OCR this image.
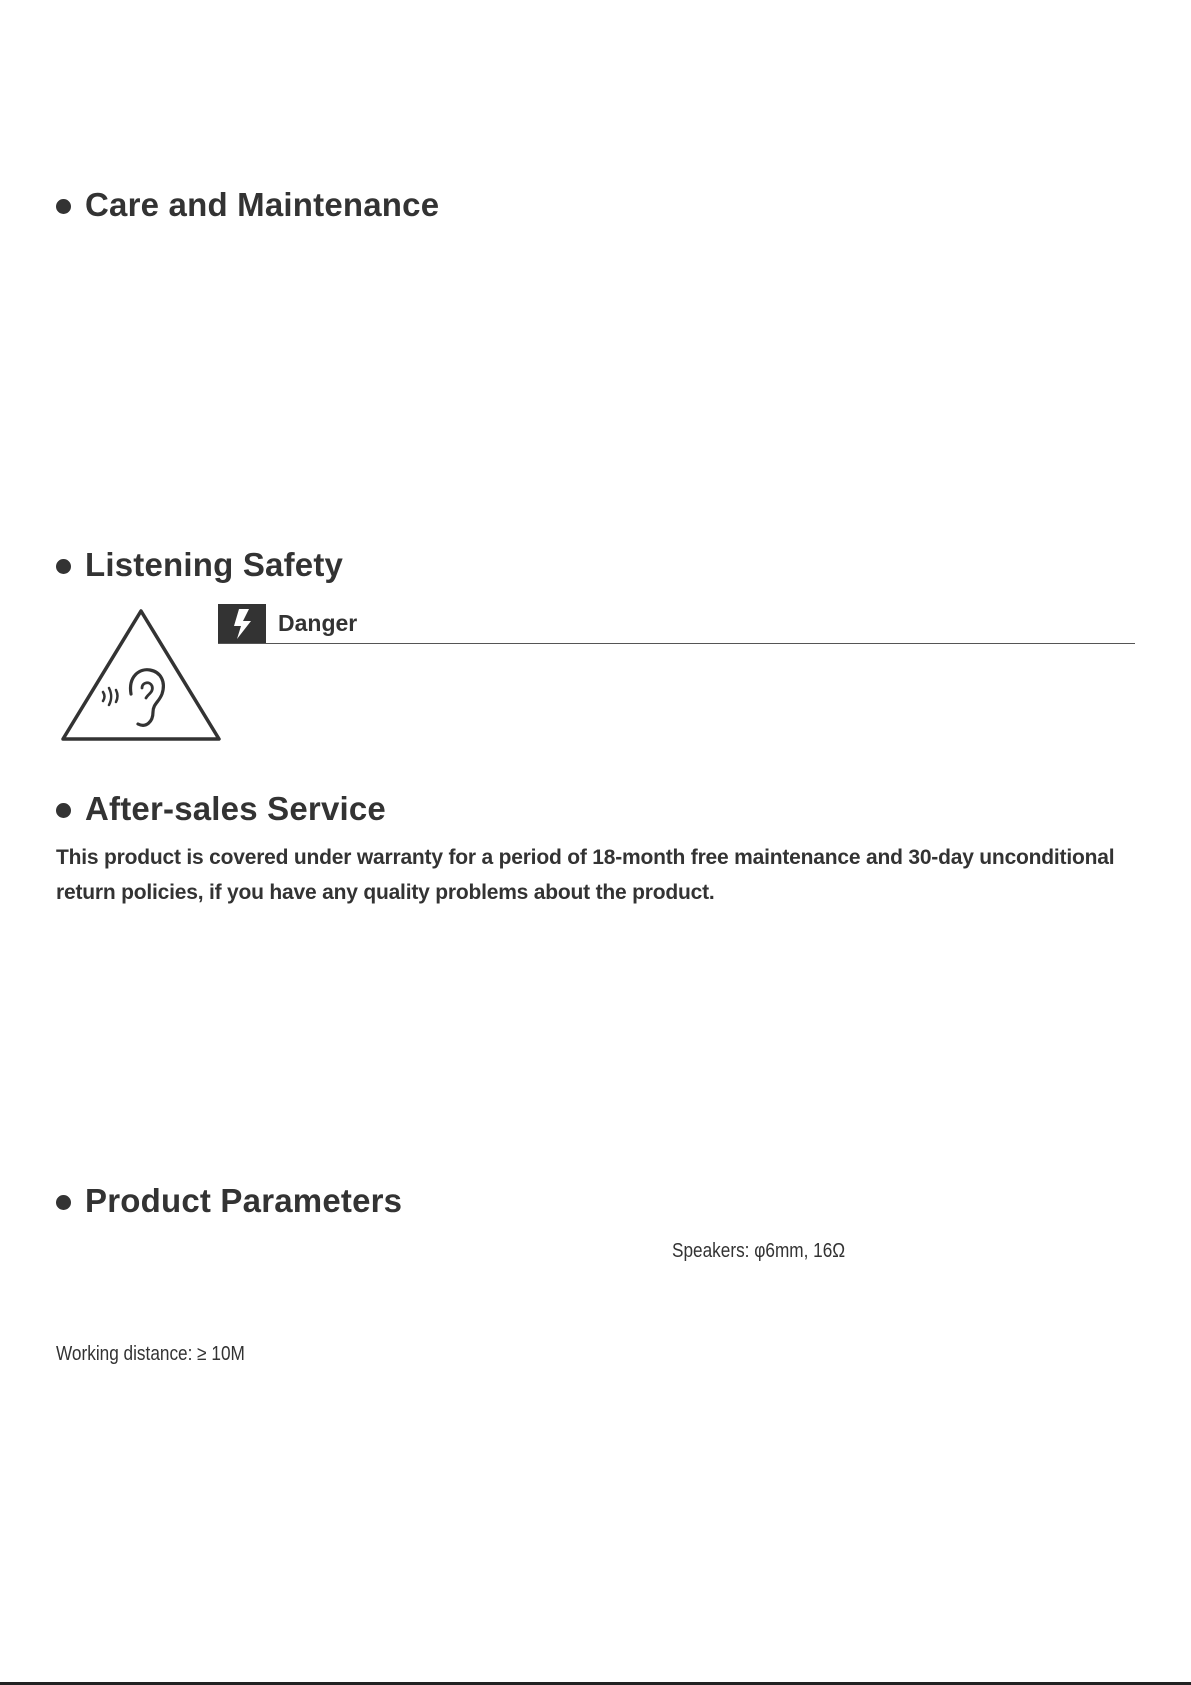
Care and Maintenance
Listening Safety
Danger
After-sales Service

This product is covered under warranty for a period of 18-month free maintenance and 30-day unconditional return policies, if you have any quality problems about the product.

Product Parameters

Speakers: φ6mm, 16Ω

Working distance: ≥ 10M
